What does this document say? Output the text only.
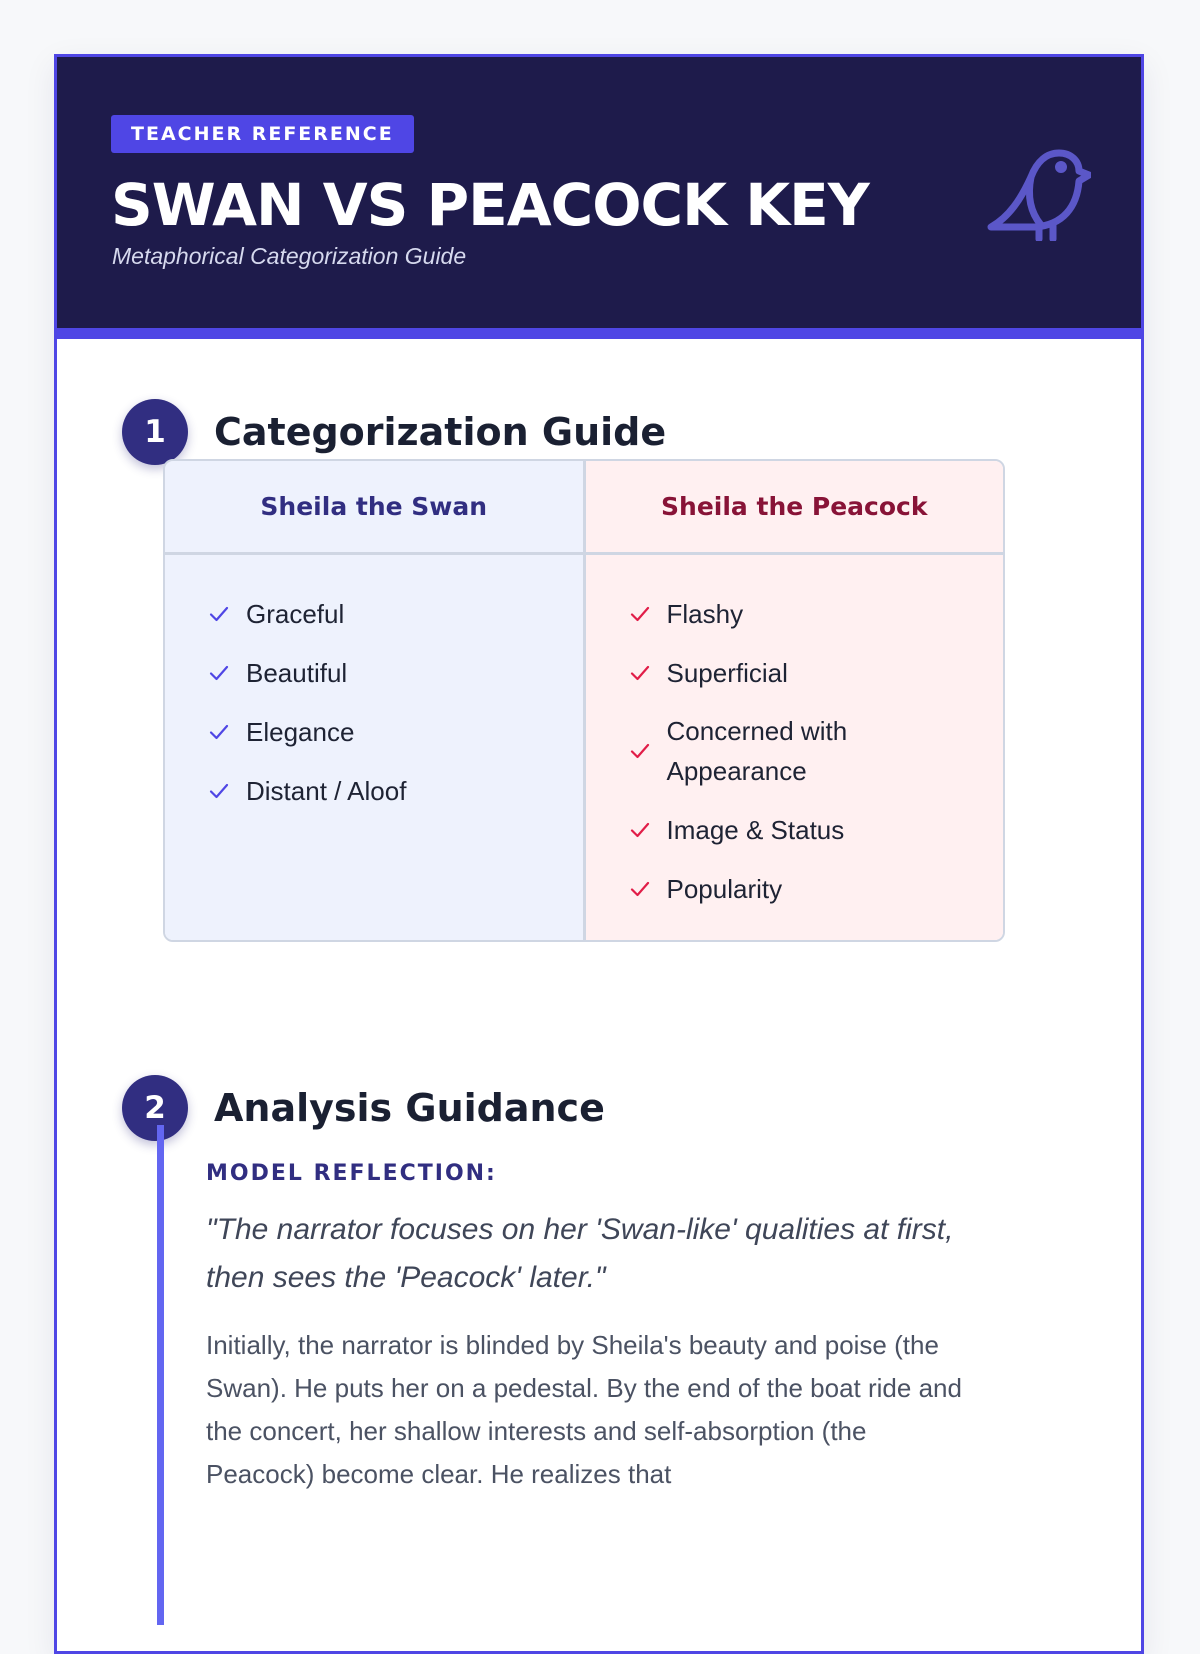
TEACHER REFERENCE
SWAN VS PEACOCK KEY
Metaphorical Categorization Guide
1	Categorization Guide
Sheila the Swan
Graceful
Beautiful
Elegance
Distant / Aloof
Sheila the Peacock
Flashy
Superficial
Concerned with Appearance
Image & Status
Popularity
2	Analysis Guidance

MODEL REFLECTION:

"The narrator focuses on her 'Swan-like' qualities at first, then sees the 'Peacock' later."

Initially, the narrator is blinded by Sheila's beauty and poise (the Swan). He puts her on a pedestal. By the end of the boat ride and the concert, her shallow interests and self-absorption (the Peacock) become clear. He realizes that
